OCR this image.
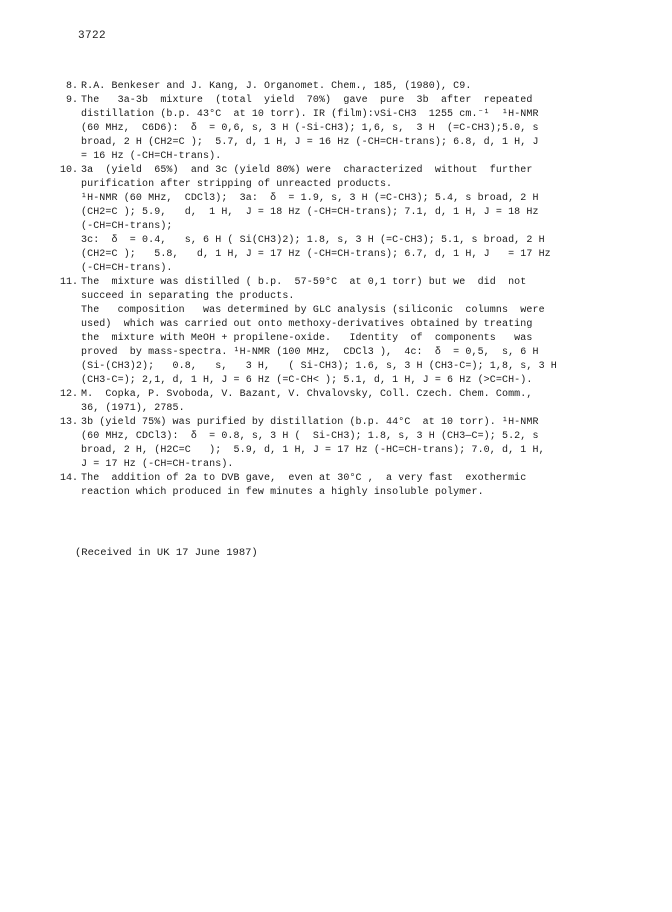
3722
8. R.A. Benkeser and J. Kang, J. Organomet. Chem., 185, (1980), C9.
9. The   3a-3b  mixture  (total  yield  70%)  gave  pure  3b  after  repeated
distillation (b.p. 43°C  at 10 torr). IR (film):νSi-CH3  1255 cm.⁻¹  ¹H-NMR
(60 MHz,  C6D6):  δ  = 0,6, s, 3 H (-Si-CH3); 1,6, s,  3 H  (=C-CH3);5.0, s
broad, 2 H (CH2=C );  5.7, d, 1 H, J = 16 Hz (-CH=CH-trans); 6.8, d, 1 H, J
= 16 Hz (-CH=CH-trans).
10. 3a  (yield  65%)  and 3c (yield 80%) were  characterized  without  further
purification after stripping of unreacted products.
¹H-NMR (60 MHz,  CDCl3);  3a:  δ  = 1.9, s, 3 H (=C-CH3); 5.4, s broad, 2 H
(CH2=C ); 5.9,   d,  1 H,  J = 18 Hz (-CH=CH-trans); 7.1, d, 1 H, J = 18 Hz
(-CH=CH-trans);
3c:  δ  = 0.4,   s, 6 H ( Si(CH3)2); 1.8, s, 3 H (=C-CH3); 5.1, s broad, 2 H
(CH2=C );   5.8,   d, 1 H, J = 17 Hz (-CH=CH-trans); 6.7, d, 1 H, J   = 17 Hz
(-CH=CH-trans).
11. The  mixture was distilled ( b.p.  57-59°C  at 0,1 torr) but we  did  not
succeed in separating the products.
The   composition   was determined by GLC analysis (siliconic  columns  were
used)  which was carried out onto methoxy-derivatives obtained by treating
the  mixture with MeOH + propilene-oxide.   Identity  of  components   was
proved  by mass-spectra. ¹H-NMR (100 MHz,  CDCl3 ),  4c:  δ  = 0,5,  s, 6 H
(Si-(CH3)2);   0.8,   s,   3 H,   ( Si-CH3); 1.6, s, 3 H (CH3-C=); 1,8, s, 3 H
(CH3-C=); 2,1, d, 1 H, J = 6 Hz (=C-CH< ); 5.1, d, 1 H, J = 6 Hz (>C=CH-).
12. M.  Copka, P. Svoboda, V. Bazant, V. Chvalovsky, Coll. Czech. Chem. Comm.,
36, (1971), 2785.
13. 3b (yield 75%) was purified by distillation (b.p. 44°C  at 10 torr). ¹H-NMR
(60 MHz, CDCl3):  δ  = 0.8, s, 3 H (  Si-CH3); 1.8, s, 3 H (CH3—C=); 5.2, s
broad, 2 H, (H2C=C   );  5.9, d, 1 H, J = 17 Hz (-HC=CH-trans); 7.0, d, 1 H,
J = 17 Hz (-CH=CH-trans).
14. The  addition of 2a to DVB gave,  even at 30°C ,  a very fast  exothermic
reaction which produced in few minutes a highly insoluble polymer.
(Received in UK 17 June 1987)
